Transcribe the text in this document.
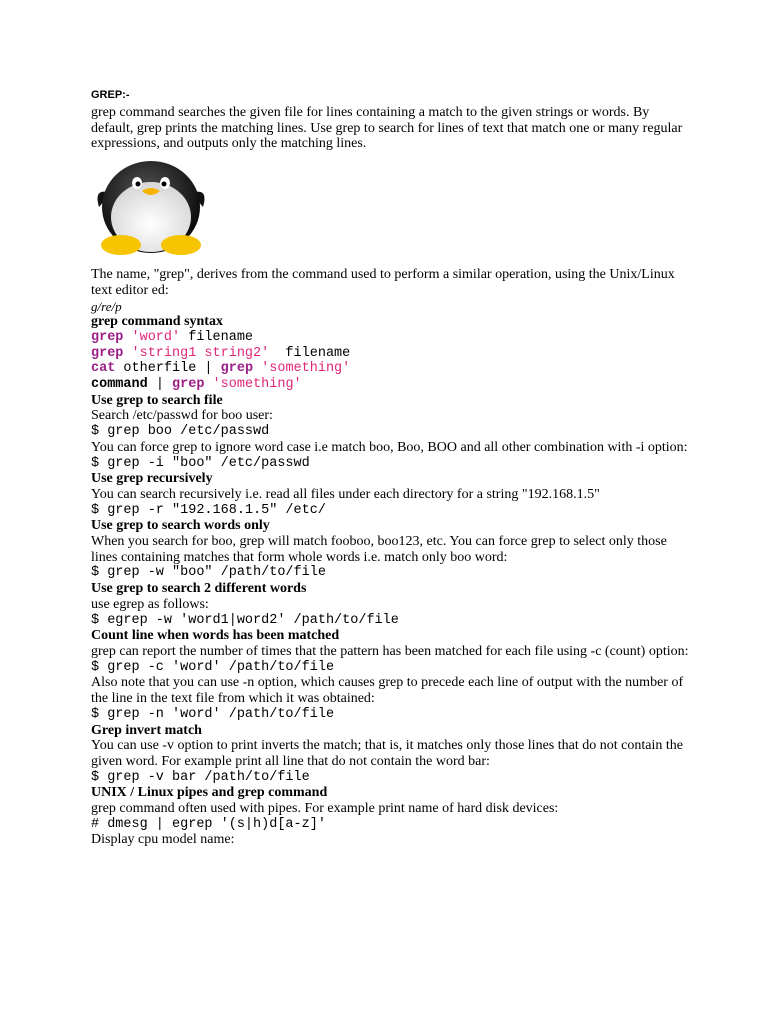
GREP:-

grep command searches the given file for lines containing a match to the given strings or words. By default, grep prints the matching lines. Use grep to search for lines of text that match one or many regular expressions, and outputs only the matching lines.

The name, "grep", derives from the command used to perform a similar operation, using the Unix/Linux text editor ed:

g/re/p

grep command syntax

grep 'word' filename

grep 'string1 string2'  filename

cat otherfile | grep 'something'

command | grep 'something'

Use grep to search file

Search /etc/passwd for boo user:

$ grep boo /etc/passwd

You can force grep to ignore word case i.e match boo, Boo, BOO and all other combination with -i option:

$ grep -i "boo" /etc/passwd

Use grep recursively

You can search recursively i.e. read all files under each directory for a string "192.168.1.5"

$ grep -r "192.168.1.5" /etc/

Use grep to search words only

When you search for boo, grep will match fooboo, boo123, etc. You can force grep to select only those lines containing matches that form whole words i.e. match only boo word:

$ grep -w "boo" /path/to/file

Use grep to search 2 different words

use egrep as follows:

$ egrep -w 'word1|word2' /path/to/file

Count line when words has been matched

grep can report the number of times that the pattern has been matched for each file using -c (count) option:

$ grep -c 'word' /path/to/file

Also note that you can use -n option, which causes grep to precede each line of output with the number of the line in the text file from which it was obtained:

$ grep -n 'word' /path/to/file

Grep invert match

You can use -v option to print inverts the match; that is, it matches only those lines that do not contain the given word. For example print all line that do not contain the word bar:

$ grep -v bar /path/to/file

UNIX / Linux pipes and grep command

grep command often used with pipes. For example print name of hard disk devices:

# dmesg | egrep '(s|h)d[a-z]'

Display cpu model name:
